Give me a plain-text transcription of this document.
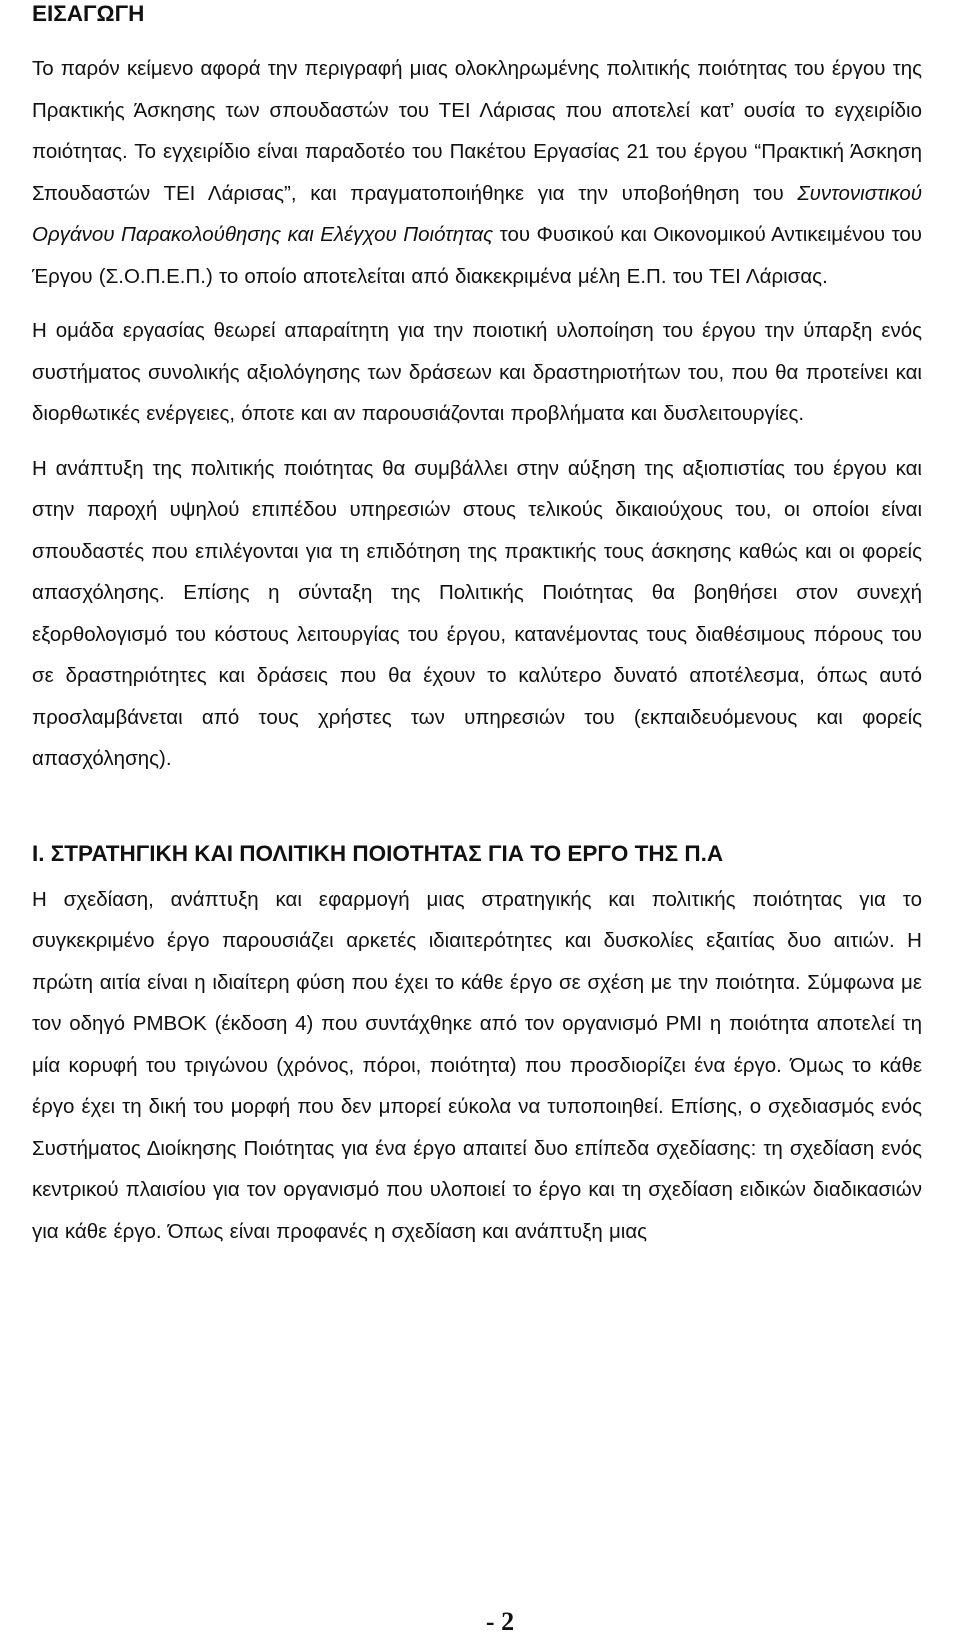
ΕΙΣΑΓΩΓΗ

Το παρόν κείμενο αφορά την περιγραφή μιας ολοκληρωμένης πολιτικής ποιότητας του έργου της Πρακτικής Άσκησης των σπουδαστών του ΤΕΙ Λάρισας που αποτελεί κατ’ ουσία το εγχειρίδιο ποιότητας. Το εγχειρίδιο είναι παραδοτέο του Πακέτου Εργασίας 21 του έργου “Πρακτική Άσκηση Σπουδαστών ΤΕΙ Λάρισας”, και πραγματοποιήθηκε για την υποβοήθηση του Συντονιστικού Οργάνου Παρακολούθησης και Ελέγχου Ποιότητας του Φυσικού και Οικονομικού Αντικειμένου του Έργου (Σ.Ο.Π.Ε.Π.) το οποίο αποτελείται από διακεκριμένα μέλη Ε.Π. του ΤΕΙ Λάρισας.

Η ομάδα εργασίας θεωρεί απαραίτητη για την ποιοτική υλοποίηση του έργου την ύπαρξη ενός συστήματος συνολικής αξιολόγησης των δράσεων και δραστηριοτήτων του, που θα προτείνει και διορθωτικές ενέργειες, όποτε και αν παρουσιάζονται προβλήματα και δυσλειτουργίες.

Η ανάπτυξη της πολιτικής ποιότητας θα συμβάλλει στην αύξηση της αξιοπιστίας του έργου και στην παροχή υψηλού επιπέδου υπηρεσιών στους τελικούς δικαιούχους του, οι οποίοι είναι σπουδαστές που επιλέγονται για τη επιδότηση της πρακτικής τους άσκησης καθώς και οι φορείς απασχόλησης. Επίσης η σύνταξη της Πολιτικής Ποιότητας θα βοηθήσει στον συνεχή εξορθολογισμό του κόστους λειτουργίας του έργου, κατανέμοντας τους διαθέσιμους πόρους του σε δραστηριότητες και δράσεις που θα έχουν το καλύτερο δυνατό αποτέλεσμα, όπως αυτό προσλαμβάνεται από τους χρήστες των υπηρεσιών του (εκπαιδευόμενους και φορείς απασχόλησης).

Ι. ΣΤΡΑΤΗΓΙΚΗ ΚΑΙ ΠΟΛΙΤΙΚΗ ΠΟΙΟΤΗΤΑΣ ΓΙΑ ΤΟ ΕΡΓΟ ΤΗΣ Π.Α

Η σχεδίαση, ανάπτυξη και εφαρμογή μιας στρατηγικής και πολιτικής ποιότητας για το συγκεκριμένο έργο παρουσιάζει αρκετές ιδιαιτερότητες και δυσκολίες εξαιτίας δυο αιτιών. Η πρώτη αιτία είναι η ιδιαίτερη φύση που έχει το κάθε έργο σε σχέση με την ποιότητα. Σύμφωνα με τον οδηγό PMBOK (έκδοση 4) που συντάχθηκε από τον οργανισμό PMI η ποιότητα αποτελεί τη μία κορυφή του τριγώνου (χρόνος, πόροι, ποιότητα) που προσδιορίζει ένα έργο. Όμως το κάθε έργο έχει τη δική του μορφή που δεν μπορεί εύκολα να τυποποιηθεί. Επίσης, ο σχεδιασμός ενός Συστήματος Διοίκησης Ποιότητας για ένα έργο απαιτεί δυο επίπεδα σχεδίασης: τη σχεδίαση ενός κεντρικού πλαισίου για τον οργανισμό που υλοποιεί το έργο και τη σχεδίαση ειδικών διαδικασιών για κάθε έργο. Όπως είναι προφανές η σχεδίαση και ανάπτυξη μιας

- 2
